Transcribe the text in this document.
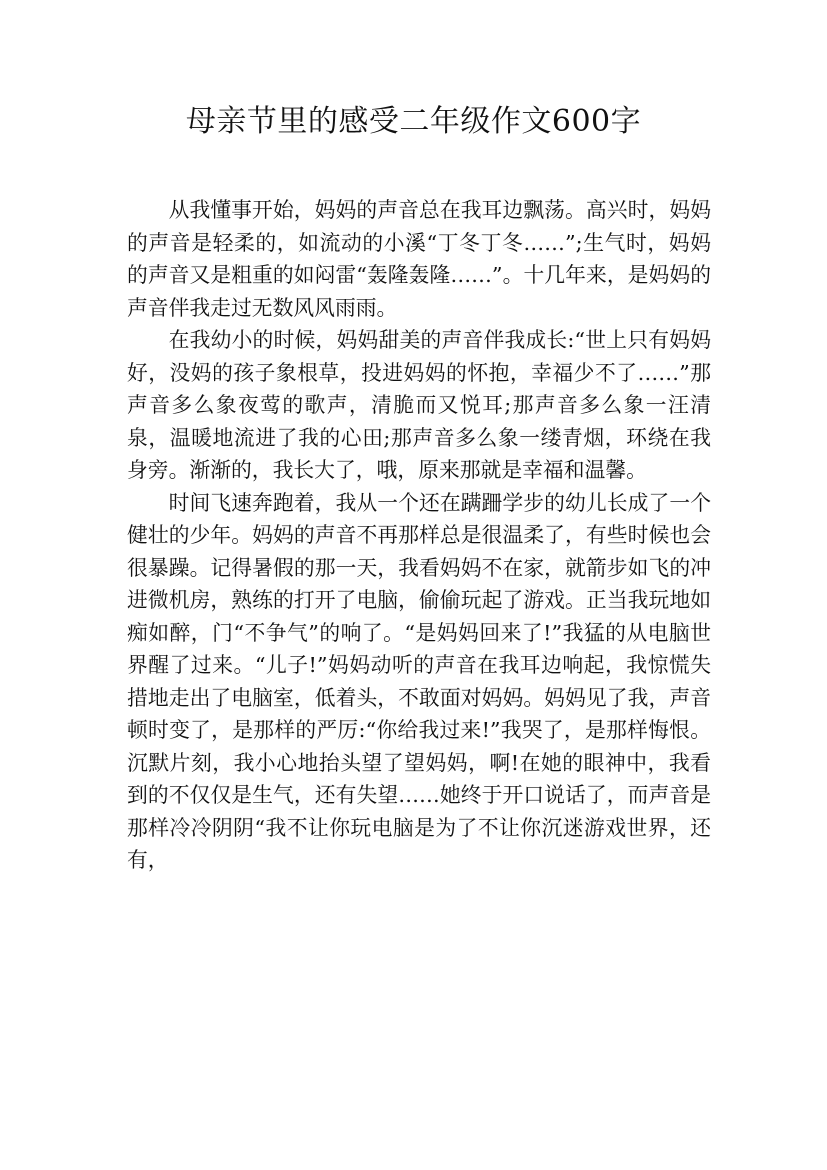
母亲节里的感受二年级作文600字

从我懂事开始，妈妈的声音总在我耳边飘荡。高兴时，妈妈的声音是轻柔的，如流动的小溪“丁冬丁冬……”;生气时，妈妈的声音又是粗重的如闷雷“轰隆轰隆……”。十几年来，是妈妈的声音伴我走过无数风风雨雨。

在我幼小的时候，妈妈甜美的声音伴我成长:“世上只有妈妈好，没妈的孩子象根草，投进妈妈的怀抱，幸福少不了……”那声音多么象夜莺的歌声，清脆而又悦耳;那声音多么象一汪清泉，温暖地流进了我的心田;那声音多么象一缕青烟，环绕在我身旁。渐渐的，我长大了，哦，原来那就是幸福和温馨。

时间飞速奔跑着，我从一个还在蹒跚学步的幼儿长成了一个健壮的少年。妈妈的声音不再那样总是很温柔了，有些时候也会很暴躁。记得暑假的那一天，我看妈妈不在家，就箭步如飞的冲进微机房，熟练的打开了电脑，偷偷玩起了游戏。正当我玩地如痴如醉，门“不争气”的响了。“是妈妈回来了!”我猛的从电脑世界醒了过来。“儿子!”妈妈动听的声音在我耳边响起，我惊慌失措地走出了电脑室，低着头，不敢面对妈妈。妈妈见了我，声音顿时变了，是那样的严厉:“你给我过来!”我哭了，是那样悔恨。沉默片刻，我小心地抬头望了望妈妈，啊!在她的眼神中，我看到的不仅仅是生气，还有失望……她终于开口说话了，而声音是那样冷冷阴阴“我不让你玩电脑是为了不让你沉迷游戏世界，还有，
